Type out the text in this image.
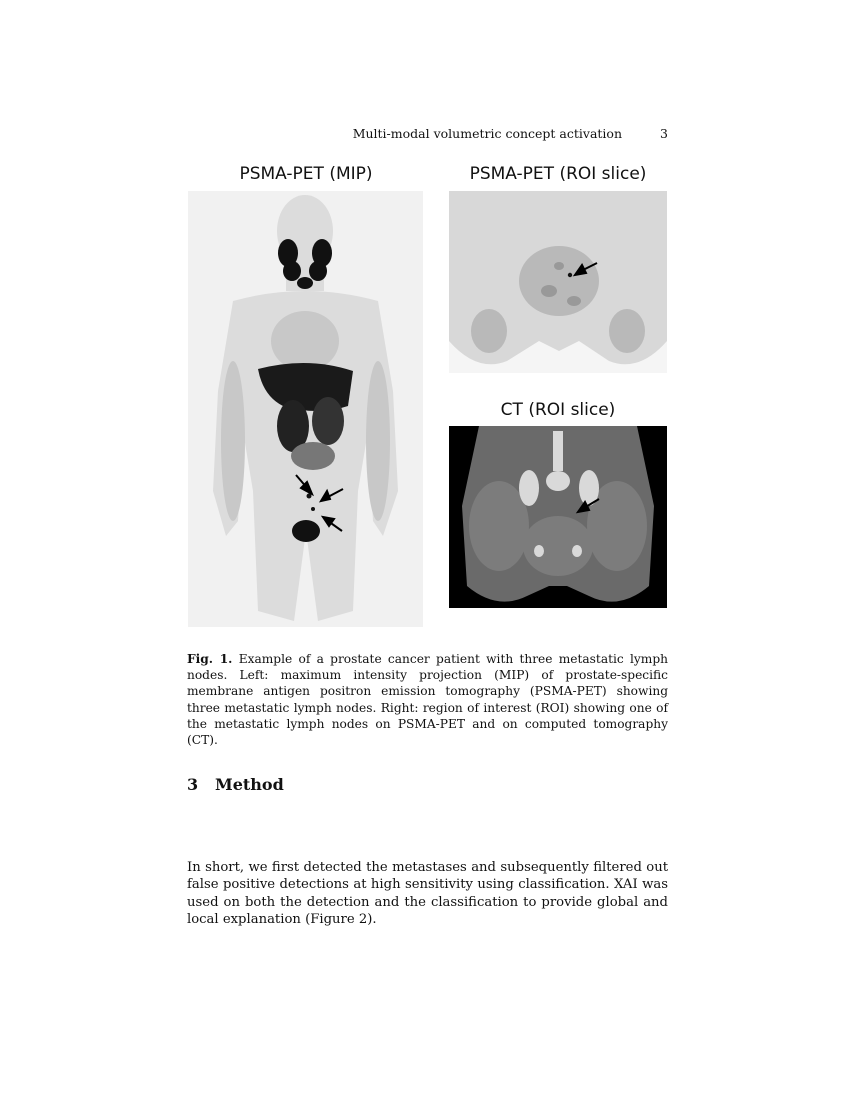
Multi-modal volumetric concept activation	3
PSMA-PET (MIP)	PSMA-PET (ROI slice)
CT (ROI slice)
Fig. 1. Example of a prostate cancer patient with three metastatic lymph nodes. Left: maximum intensity projection (MIP) of prostate-specific membrane antigen positron emission tomography (PSMA-PET) showing three metastatic lymph nodes. Right: region of interest (ROI) showing one of the metastatic lymph nodes on PSMA-PET and on computed tomography (CT).
3 Method
In short, we first detected the metastases and subsequently filtered out false positive detections at high sensitivity using classification. XAI was used on both the detection and the classification to provide global and local explanation (Figure 2).
